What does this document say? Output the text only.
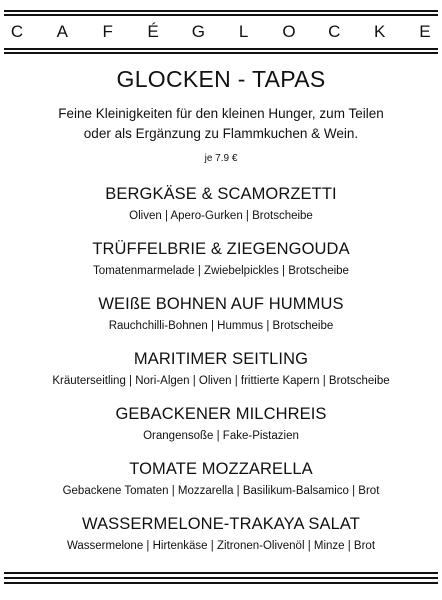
C A F É G L O C K E
GLOCKEN - TAPAS
Feine Kleinigkeiten für den kleinen Hunger, zum Teilen
oder als Ergänzung zu Flammkuchen & Wein.
je 7.9 €
BERGKÄSE & SCAMORZETTI
Oliven | Apero-Gurken | Brotscheibe
TRÜFFELBRIE & ZIEGENGOUDA
Tomatenmarmelade | Zwiebelpickles | Brotscheibe
WEIßE BOHNEN AUF HUMMUS
Rauchchilli-Bohnen | Hummus | Brotscheibe
MARITIMER SEITLING
Kräuterseitling | Nori-Algen | Oliven | frittierte Kapern | Brotscheibe
GEBACKENER MILCHREIS
Orangensoße | Fake-Pistazien
TOMATE MOZZARELLA
Gebackene Tomaten | Mozzarella | Basilikum-Balsamico | Brot
WASSERMELONE-TRAKAYA SALAT
Wassermelone | Hirtenkäse | Zitronen-Olivenöl | Minze | Brot
